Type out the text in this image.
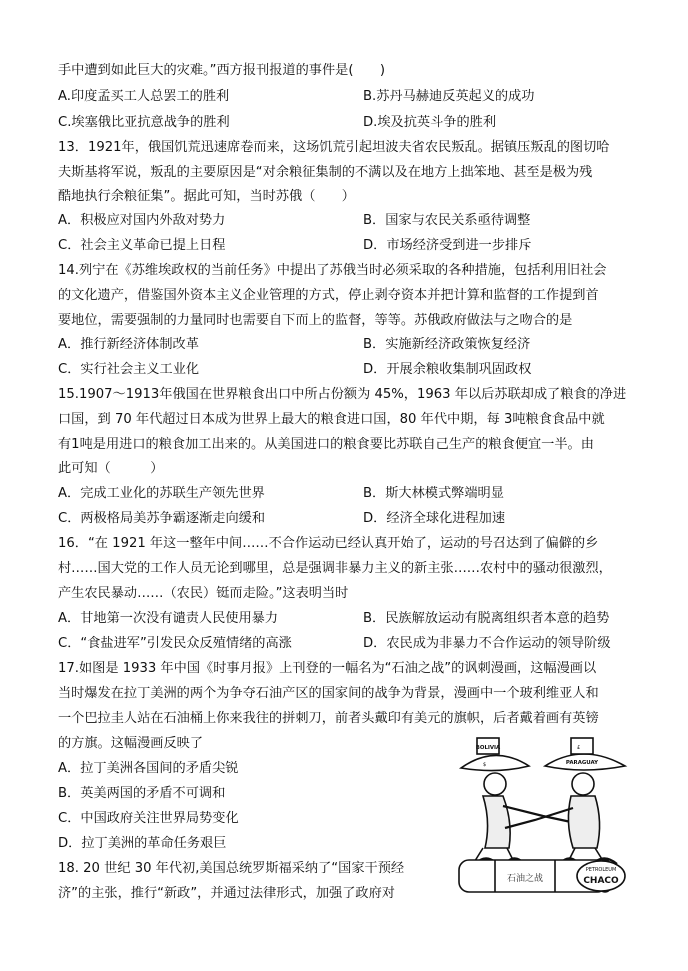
手中遭到如此巨大的灾难。”西方报刊报道的事件是(　　)
A.印度孟买工人总罢工的胜利	B.苏丹马赫迪反英起义的成功
C.埃塞俄比亚抗意战争的胜利	D.埃及抗英斗争的胜利
13．1921年，俄国饥荒迅速席卷而来，这场饥荒引起坦波夫省农民叛乱。据镇压叛乱的图切哈
夫斯基将军说，叛乱的主要原因是“对余粮征集制的不满以及在地方上拙笨地、甚至是极为残
酷地执行余粮征集”。据此可知，当时苏俄（　　）
A．积极应对国内外敌对势力	B．国家与农民关系亟待调整
C．社会主义革命已提上日程	D．市场经济受到进一步排斥
14.列宁在《苏维埃政权的当前任务》中提出了苏俄当时必须采取的各种措施，包括利用旧社会
的文化遗产，借鉴国外资本主义企业管理的方式，停止剥夺资本并把计算和监督的工作提到首
要地位，需要强制的力量同时也需要自下而上的监督，等等。苏俄政府做法与之吻合的是
A．推行新经济体制改革	B．实施新经济政策恢复经济
C．实行社会主义工业化	D．开展余粮收集制巩固政权
15.1907～1913年俄国在世界粮食出口中所占份额为 45%，1963 年以后苏联却成了粮食的净进
口国，到 70 年代超过日本成为世界上最大的粮食进口国，80 年代中期，每 3吨粮食食品中就
有1吨是用进口的粮食加工出来的。从美国进口的粮食要比苏联自己生产的粮食便宜一半。由
此可知（　　　）
A．完成工业化的苏联生产领先世界	B．斯大林模式弊端明显
C．两极格局美苏争霸逐渐走向缓和	D．经济全球化进程加速
16．“在 1921 年这一整年中间……不合作运动已经认真开始了，运动的号召达到了偏僻的乡
村……国大党的工作人员无论到哪里，总是强调非暴力主义的新主张……农村中的骚动很激烈，
产生农民暴动……（农民）铤而走险。”这表明当时
A．甘地第一次没有谴责人民使用暴力	B．民族解放运动有脱离组织者本意的趋势
C．“食盐进军”引发民众反殖情绪的高涨	D．农民成为非暴力不合作运动的领导阶级
17.如图是 1933 年中国《时事月报》上刊登的一幅名为“石油之战”的讽刺漫画，这幅漫画以
当时爆发在拉丁美洲的两个为争夺石油产区的国家间的战争为背景，漫画中一个玻利维亚人和
一个巴拉圭人站在石油桶上你来我往的拼刺刀，前者头戴印有美元的旗帜，后者戴着画有英镑
的方旗。这幅漫画反映了
A．拉丁美洲各国间的矛盾尖锐
B．英美两国的矛盾不可调和
C．中国政府关注世界局势变化
D．拉丁美洲的革命任务艰巨
18. 20 世纪 30 年代初,美国总统罗斯福采纳了“国家干预经
济”的主张，推行“新政”，并通过法律形式，加强了政府对
BOLIVIA
$	PARAGUAY
£
石油之战
PETROLEUM
CHACO
